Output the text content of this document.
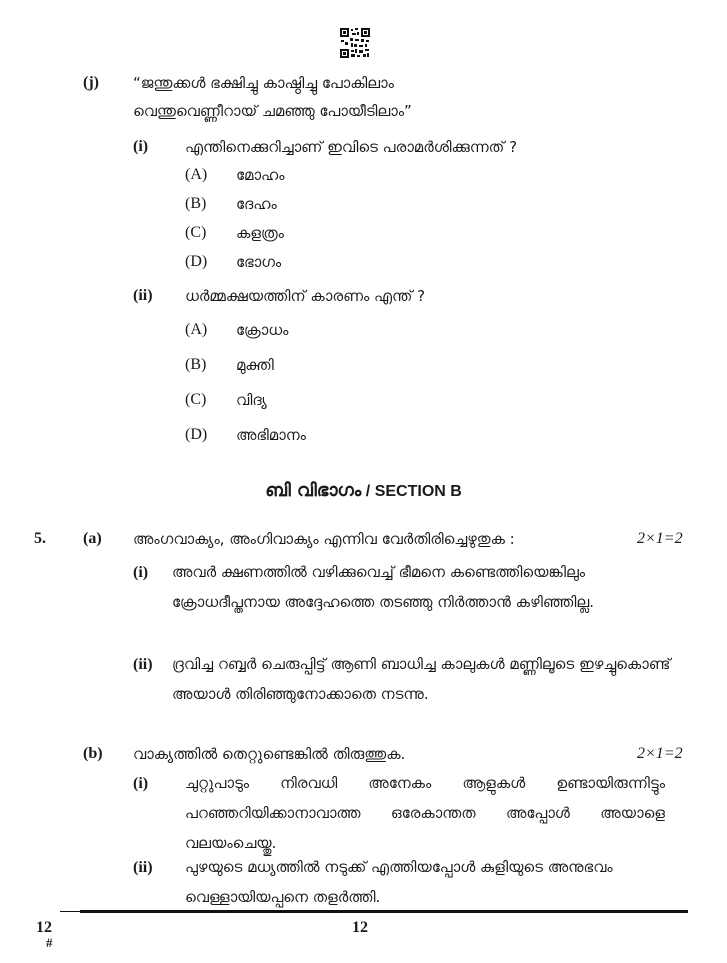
(j) “ജന്തുക്കൾ ഭക്ഷിച്ചു കാഷ്ഠിച്ചു പോകിലാം
വെന്തുവെണ്ണീറായ് ചമഞ്ഞു പോയീടിലാം”
(i) എന്തിനെക്കുറിച്ചാണ് ഇവിടെ പരാമർശിക്കുന്നത് ?
(A) മോഹം
(B) ദേഹം
(C) കളത്രം
(D) ഭോഗം
(ii) ധർമ്മക്ഷയത്തിന് കാരണം എന്ത് ?
(A) ക്രോധം
(B) മുക്തി
(C) വിദ്യ
(D) അഭിമാനം
ബി വിഭാഗം / SECTION B
5. (a) അംഗവാക്യം, അംഗിവാക്യം എന്നിവ വേർതിരിച്ചെഴുതുക :	2×1=2
(i) അവർ ക്ഷണത്തിൽ വഴിക്കുവെച്ച് ഭീമനെ കണ്ടെത്തിയെങ്കിലും ക്രോധദീപ്തനായ അദ്ദേഹത്തെ തടഞ്ഞു നിർത്താൻ കഴിഞ്ഞില്ല.
(ii) ദ്രവിച്ച റബ്ബർ ചെരുപ്പിട്ട് ആണി ബാധിച്ച കാലുകൾ മണ്ണിലൂടെ ഇഴച്ചുകൊണ്ട് അയാൾ തിരിഞ്ഞുനോക്കാതെ നടന്നു.
(b) വാക്യത്തിൽ തെറ്റുണ്ടെങ്കിൽ തിരുത്തുക.	2×1=2
(i) ചുറ്റുപാടും നിരവധി അനേകം ആളുകൾ ഉണ്ടായിരുന്നിട്ടും പറഞ്ഞറിയിക്കാനാവാത്ത ഒരേകാന്തത അപ്പോൾ അയാളെ വലയംചെയ്തു.
(ii) പുഴയുടെ മധ്യത്തിൽ നടുക്ക് എത്തിയപ്പോൾ കുളിയുടെ അനുഭവം വെള്ളായിയപ്പനെ തളർത്തി.
12
#
12
